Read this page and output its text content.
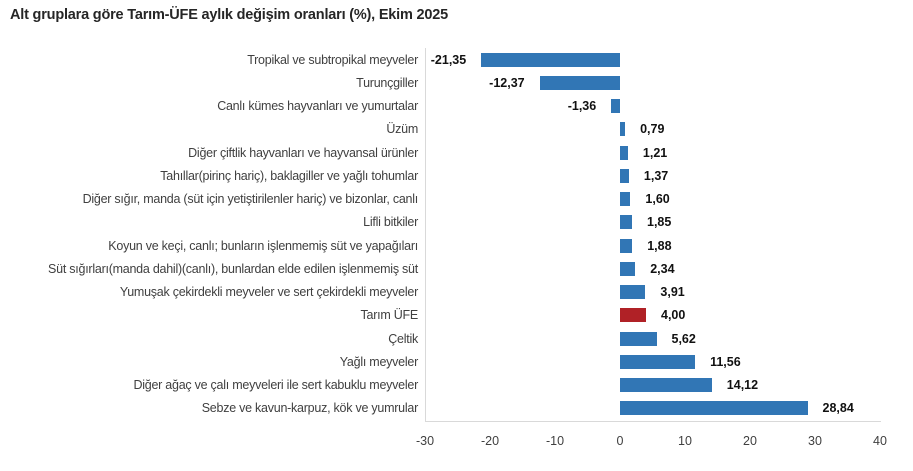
Alt gruplara göre Tarım-ÜFE aylık değişim oranları (%), Ekim 2025
Tropikal ve subtropikal meyveler -21,35
Turunçgiller	-12,37
Canlı kümes hayvanları ve yumurtalar	-1,36
Üzüm	0,79
Diğer çiftlik hayvanları ve hayvansal ürünler	1,21
Tahıllar(pirinç hariç), baklagiller ve yağlı tohumlar	1,37
Diğer sığır, manda (süt için yetiştirilenler hariç) ve bizonlar, canlı	1,60
Lifli bitkiler	1,85
Koyun ve keçi, canlı; bunların işlenmemiş süt ve yapağıları	1,88
Süt sığırları(manda dahil)(canlı), bunlardan elde edilen işlenmemiş süt	2,34
Yumuşak çekirdekli meyveler ve sert çekirdekli meyveler	3,91
Tarım ÜFE	4,00
Çeltik	5,62
Yağlı meyveler	11,56
Diğer ağaç ve çalı meyveleri ile sert kabuklu meyveler	14,12
Sebze ve kavun-karpuz, kök ve yumrular	28,84
-30	-20	-10	0	10	20	30	40
